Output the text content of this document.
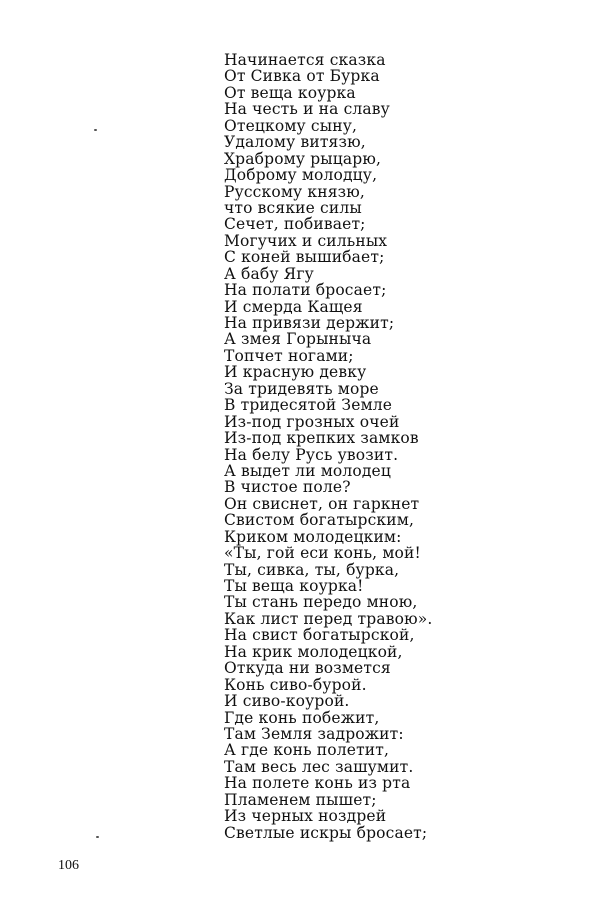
Начинается сказка
От Сивка от Бурка
От веща коурка
На честь и на славу
Отецкому сыну,
Удалому витязю,
Храброму рыцарю,
Доброму молодцу,
Русскому князю,
что всякие силы
Сечет, побивает;
Могучих и сильных
С коней вышибает;
А бабу Ягу
На полати бросает;
И смерда Кащея
На привязи держит;
А змея Горыныча
Топчет ногами;
И красную девку
За тридевять море
В тридесятой Земле
Из-под грозных очей
Из-под крепких замков
На белу Русь увозит.
А выдет ли молодец
В чистое поле?
Он свиснет, он гаркнет
Свистом богатырским,
Криком молодецким:
«Ты, гой еси конь, мой!
Ты, сивка, ты, бурка,
Ты веща коурка!
Ты стань передо мною,
Как лист перед травою».
На свист богатырской,
На крик молодецкой,
Откуда ни возмется
Конь сиво-бурой.
И сиво-коурой.
Где конь побежит,
Там Земля задрожит:
А где конь полетит,
Там весь лес зашумит.
На полете конь из рта
Пламенем пышет;
Из черных ноздрей
Светлые искры бросает;
106
